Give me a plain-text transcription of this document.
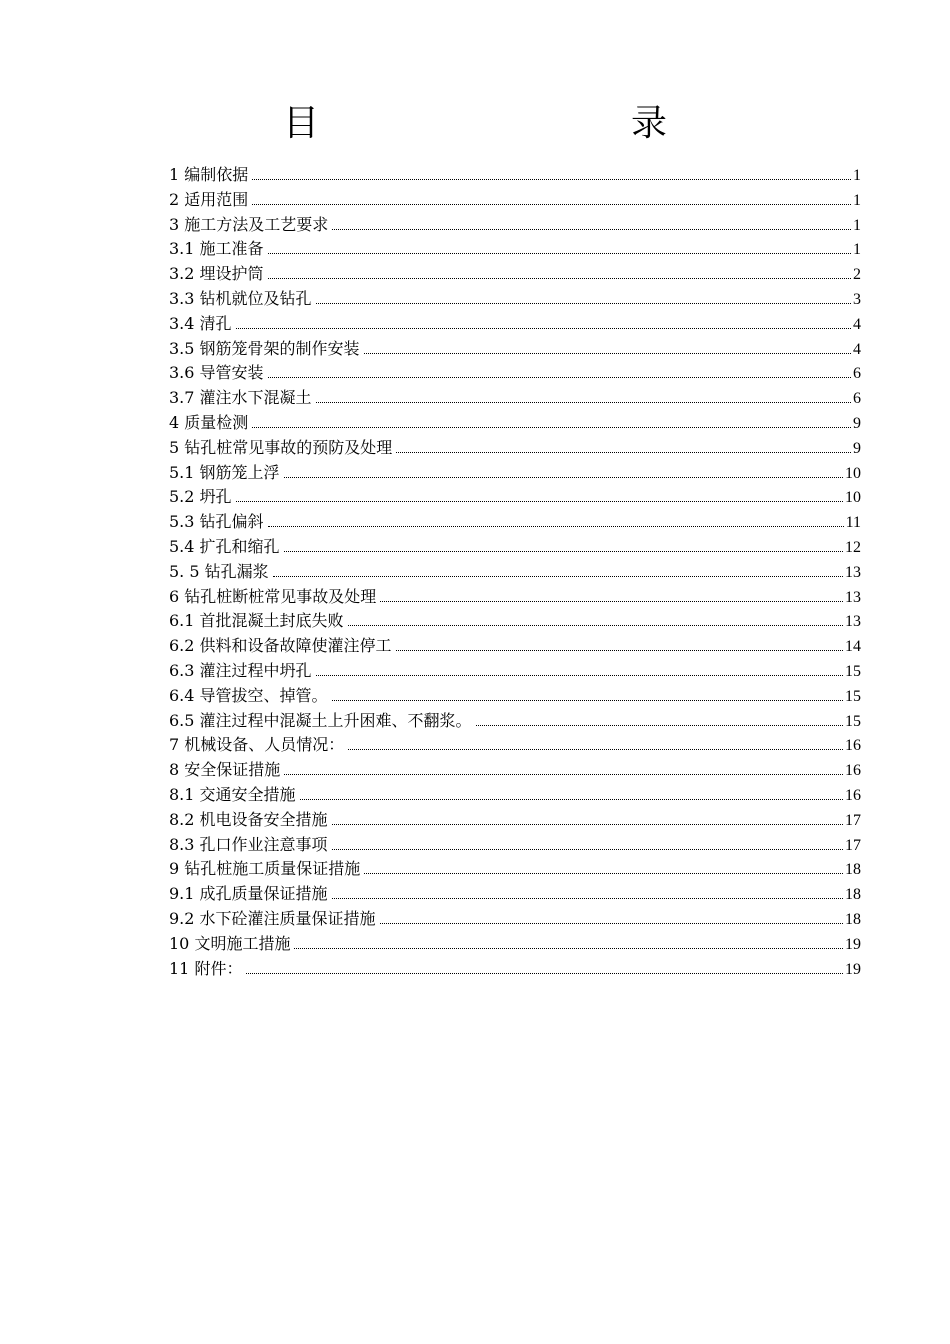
目　　录
1 编制依据	1
2 适用范围	1
3 施工方法及工艺要求	1
3.1 施工准备	1
3.2 埋设护筒	2
3.3 钻机就位及钻孔	3
3.4 清孔	4
3.5 钢筋笼骨架的制作安装	4
3.6 导管安装	6
3.7 灌注水下混凝土	6
4 质量检测	9
5 钻孔桩常见事故的预防及处理	9
5.1 钢筋笼上浮	10
5.2 坍孔	10
5.3 钻孔偏斜	11
5.4 扩孔和缩孔	12
5. 5 钻孔漏浆	13
6 钻孔桩断桩常见事故及处理	13
6.1 首批混凝土封底失败	13
6.2 供料和设备故障使灌注停工	14
6.3 灌注过程中坍孔	15
6.4 导管拔空、掉管。	15
6.5 灌注过程中混凝土上升困难、不翻浆。	15
7 机械设备、人员情况：	16
8 安全保证措施	16
8.1 交通安全措施	16
8.2 机电设备安全措施	17
8.3 孔口作业注意事项	17
9 钻孔桩施工质量保证措施	18
9.1 成孔质量保证措施	18
9.2 水下砼灌注质量保证措施	18
10 文明施工措施	19
11 附件：	19
